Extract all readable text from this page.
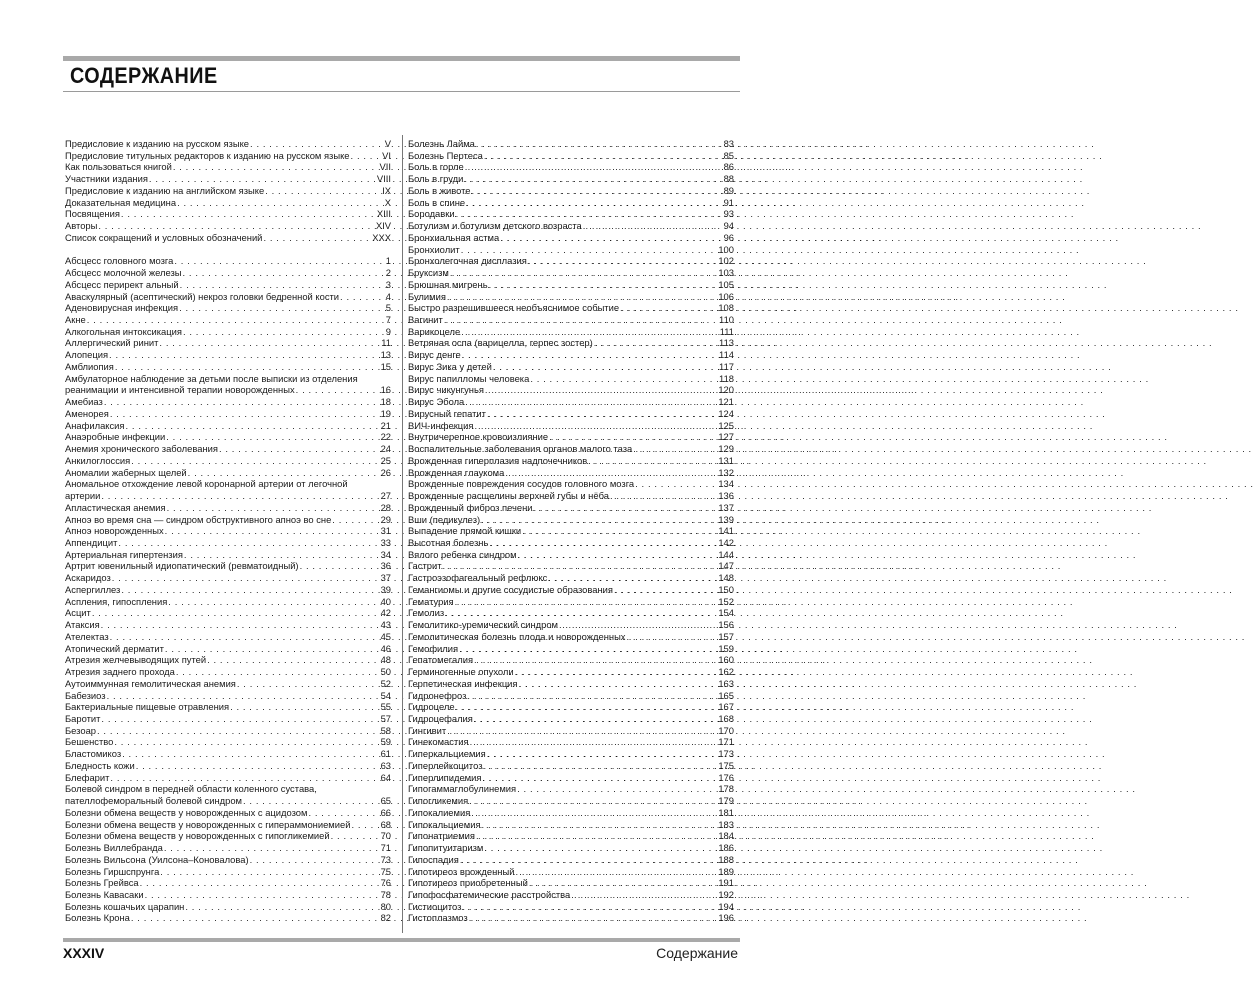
СОДЕРЖАНИЕ
Предисловие к изданию на русском языке . . .	V
Предисловие титульных редакторов к изданию на русском языке . . .	VI
Как пользоваться книгой . . .	VII
Участники издания . . .	VIII
Предисловие к изданию на английском языке . . .	IX
Доказательная медицина . . .	X
Посвящения . . .	XIII
Авторы . . .	XIV
Список сокращений и условных обозначений . . .	XXX
Абсцесс головного мозга . . .	1
Абсцесс молочной железы . . .	2
Абсцесс перирект альный . . .	3
Аваскулярный (асептический) некроз головки бедренной кости . . .	4
Аденовирусная инфекция . . .	5
Акне . . .	7
Алкогольная интоксикация . . .	9
Аллергический ринит . . .	11
Алопеция . . .	13
Амблиопия . . .	15
Амбулаторное наблюдение за детьми после выписки из отделения
реанимации и интенсивной терапии новорожденных . . .	16
Амебиаз . . .	18
Аменорея . . .	19
Анафилаксия . . .	21
Анаэробные инфекции . . .	22
Анемия хронического заболевания . . .	24
Анкилоглоссия . . .	25
Аномалии жаберных щелей . . .	26
Аномальное отхождение левой коронарной артерии от легочной
артерии . . .	27
Апластическая анемия . . .	28
Апноэ во время сна — синдром обструктивного апноэ во сне . . .	29
Апноэ новорожденных . . .	31
Аппендицит . . .	33
Артериальная гипертензия . . .	34
Артрит ювенильный идиопатический (ревматоидный) . . .	36
Аскаридоз . . .	37
Аспергиллез . . .	39
Аспления, гипоспления . . .	40
Асцит . . .	42
Атаксия . . .	43
Ателектаз . . .	45
Атопический дерматит . . .	46
Атрезия желчевыводящих путей . . .	48
Атрезия заднего прохода . . .	50
Аутоиммунная гемолитическая анемия . . .	52
Бабезиоз . . .	54
Бактериальные пищевые отравления . . .	55
Баротит . . .	57
Безоар . . .	58
Бешенство . . .	59
Бластомикоз . . .	61
Бледность кожи . . .	63
Блефарит . . .	64
Болевой синдром в передней области коленного сустава,
пателлофеморальный болевой синдром . . .	65
Болезни обмена веществ у новорожденных с ацидозом . . .	66
Болезни обмена веществ у новорожденных с гипераммониемией . . .	68
Болезни обмена веществ у новорожденных с гипогликемией . . .	70
Болезнь Виллебранда . . .	71
Болезнь Вильсона (Уилсона–Коновалова) . . .	73
Болезнь Гиршспрунга . . .	75
Болезнь Грейвса . . .	76
Болезнь Кавасаки . . .	78
Болезнь кошачьих царапин . . .	80
Болезнь Крона . . .	82
Болезнь Лайма . . .	83
Болезнь Пертеса . . .	85
Боль в горле . . .	86
Боль в груди . . .	88
Боль в животе . . .	89
Боль в спине . . .	91
Бородавки . . .	93
Ботулизм и ботулизм детского возраста . . .	94
Бронхиальная астма . . .	96
Бронхиолит . . .	100
Бронхолегочная дисплазия . . .	102
Бруксизм . . .	103
Брюшная мигрень . . .	105
Булимия . . .	106
Быстро разрешившееся необъяснимое событие . . .	108
Вагинит . . .	110
Варикоцеле . . .	111
Ветряная оспа (варицелла, герпес зостер) . . .	113
Вирус денге . . .	114
Вирус Зика у детей . . .	117
Вирус папилломы человека . . .	118
Вирус чикунгунья . . .	120
Вирус Эбола . . .	121
Вирусный гепатит . . .	124
ВИЧ-инфекция . . .	125
Внутричерепное кровоизлияние . . .	127
Воспалительные заболевания органов малого таза . . .	129
Врожденная гиперплазия надпочечников . . .	131
Врожденная глаукома . . .	132
Врожденные повреждения сосудов головного мозга . . .	134
Врожденные расщелины верхней губы и нёба . . .	136
Врожденный фиброз печени . . .	137
Вши (педикулез) . . .	139
Выпадение прямой кишки . . .	141
Высотная болезнь . . .	142
Вялого ребенка синдром . . .	144
Гастрит . . .	147
Гастроэзофагеальный рефлюкс . . .	148
Гемангиомы и другие сосудистые образования . . .	150
Гематурия . . .	152
Гемолиз . . .	154
Гемолитико-уремический синдром . . .	156
Гемолитическая болезнь плода и новорожденных . . .	157
Гемофилия . . .	159
Гепатомегалия . . .	160
Герминогенные опухоли . . .	162
Герпетическая инфекция . . .	163
Гидронефроз . . .	165
Гидроцеле . . .	167
Гидроцефалия . . .	168
Гингивит . . .	170
Гинекомастия . . .	171
Гиперкальциемия . . .	173
Гиперлейкоцитоз . . .	175
Гиперлипидемия . . .	176
Гипогаммаглобулинемия . . .	178
Гипогликемия . . .	179
Гипокалиемия . . .	181
Гипокальциемия . . .	183
Гипонатриемия . . .	184
Гипопитуитаризм . . .	186
Гипоспадия . . .	188
Гипотиреоз врожденный . . .	189
Гипотиреоз приобретенный . . .	191
Гипофосфатемические расстройства . . .	192
Гистиоцитоз . . .	194
Гистоплазмоз . . .	196
XXXIV	Содержание
